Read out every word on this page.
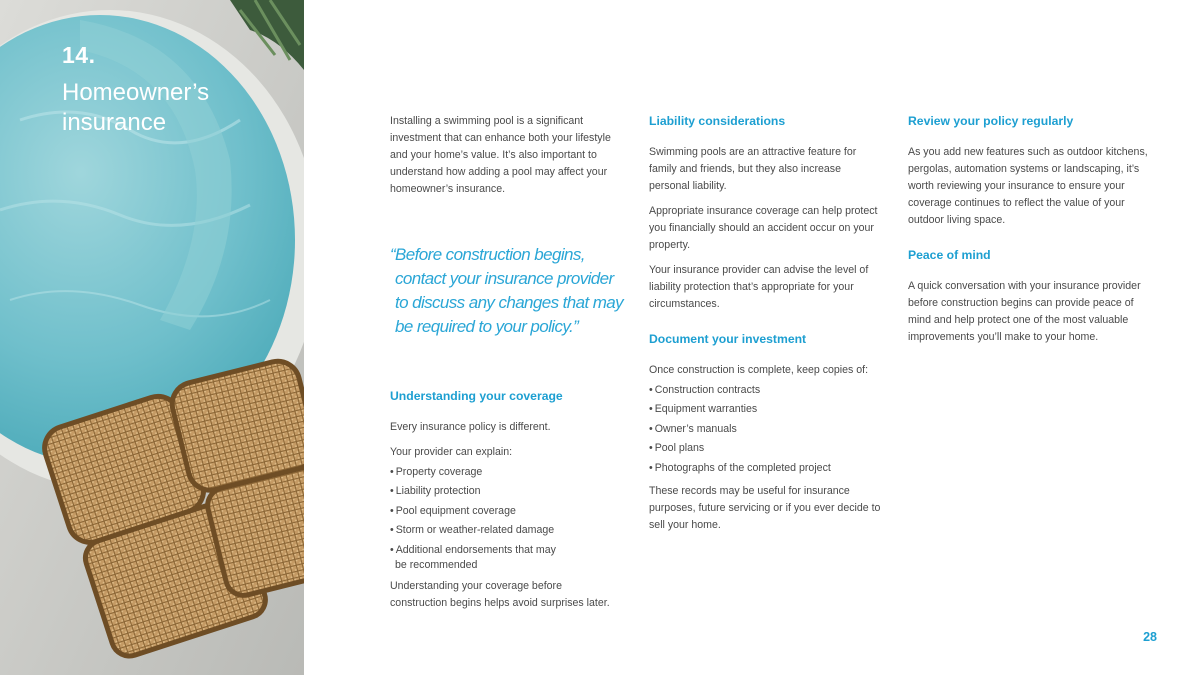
14.
Homeowner’s insurance	Installing a swimming pool is a significant investment that can enhance both your lifestyle and your home’s value. It’s also important to understand how adding a pool may affect your homeowner’s insurance.

“Before construction begins,
contact your insurance provider
to discuss any changes that may
be required to your policy.”
Understanding your coverage

Every insurance policy is different.

Your provider can explain:

• Property coverage
• Liability protection
• Pool equipment coverage
• Storm or weather-related damage
• Additional endorsements that may
be recommended

Understanding your coverage before construction begins helps avoid surprises later.

Liability considerations

Swimming pools are an attractive feature for family and friends, but they also increase personal liability.

Appropriate insurance coverage can help protect you financially should an accident occur on your property.

Your insurance provider can advise the level of liability protection that’s appropriate for your circumstances.

Document your investment

Once construction is complete, keep copies of:

• Construction contracts
• Equipment warranties
• Owner’s manuals
• Pool plans
• Photographs of the completed project

These records may be useful for insurance purposes, future servicing or if you ever decide to sell your home.

Review your policy regularly

As you add new features such as outdoor kitchens, pergolas, automation systems or landscaping, it’s worth reviewing your insurance to ensure your coverage continues to reflect the value of your outdoor living space.

Peace of mind

A quick conversation with your insurance provider before construction begins can provide peace of mind and help protect one of the most valuable improvements you’ll make to your home.

28
